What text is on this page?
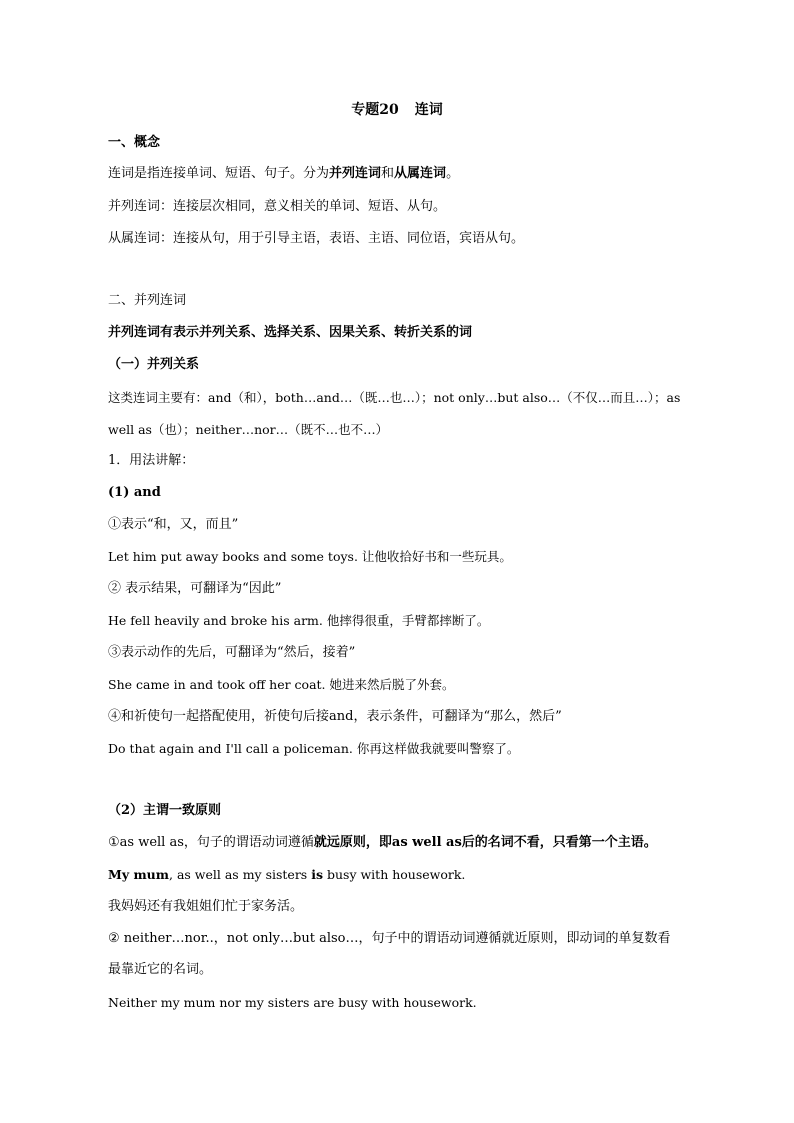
专题20 连词
一、概念
连词是指连接单词、短语、句子。分为并列连词和从属连词。
并列连词：连接层次相同，意义相关的单词、短语、从句。
从属连词：连接从句，用于引导主语，表语、主语、同位语，宾语从句。
二、并列连词
并列连词有表示并列关系、选择关系、因果关系、转折关系的词
（一）并列关系
这类连词主要有：and（和），both…and…（既…也…）；not only…but also…（不仅…而且…）；as
well as（也）；neither…nor…（既不…也不…）
1．用法讲解：
(1) and
①表示“和，又，而且”
Let him put away books and some toys. 让他收拾好书和一些玩具。
② 表示结果，可翻译为“因此”
He fell heavily and broke his arm. 他摔得很重，手臂都摔断了。
③表示动作的先后，可翻译为“然后，接着”
She came in and took off her coat. 她进来然后脱了外套。
④和祈使句一起搭配使用，祈使句后接and，表示条件，可翻译为“那么，然后”
Do that again and I'll call a policeman. 你再这样做我就要叫警察了。
（2）主谓一致原则
①as well as，句子的谓语动词遵循就远原则，即as well as后的名词不看，只看第一个主语。
My mum, as well as my sisters is busy with housework.
我妈妈还有我姐姐们忙于家务活。
② neither…nor..，not only…but also…，句子中的谓语动词遵循就近原则，即动词的单复数看
最靠近它的名词。
Neither my mum nor my sisters are busy with housework.
